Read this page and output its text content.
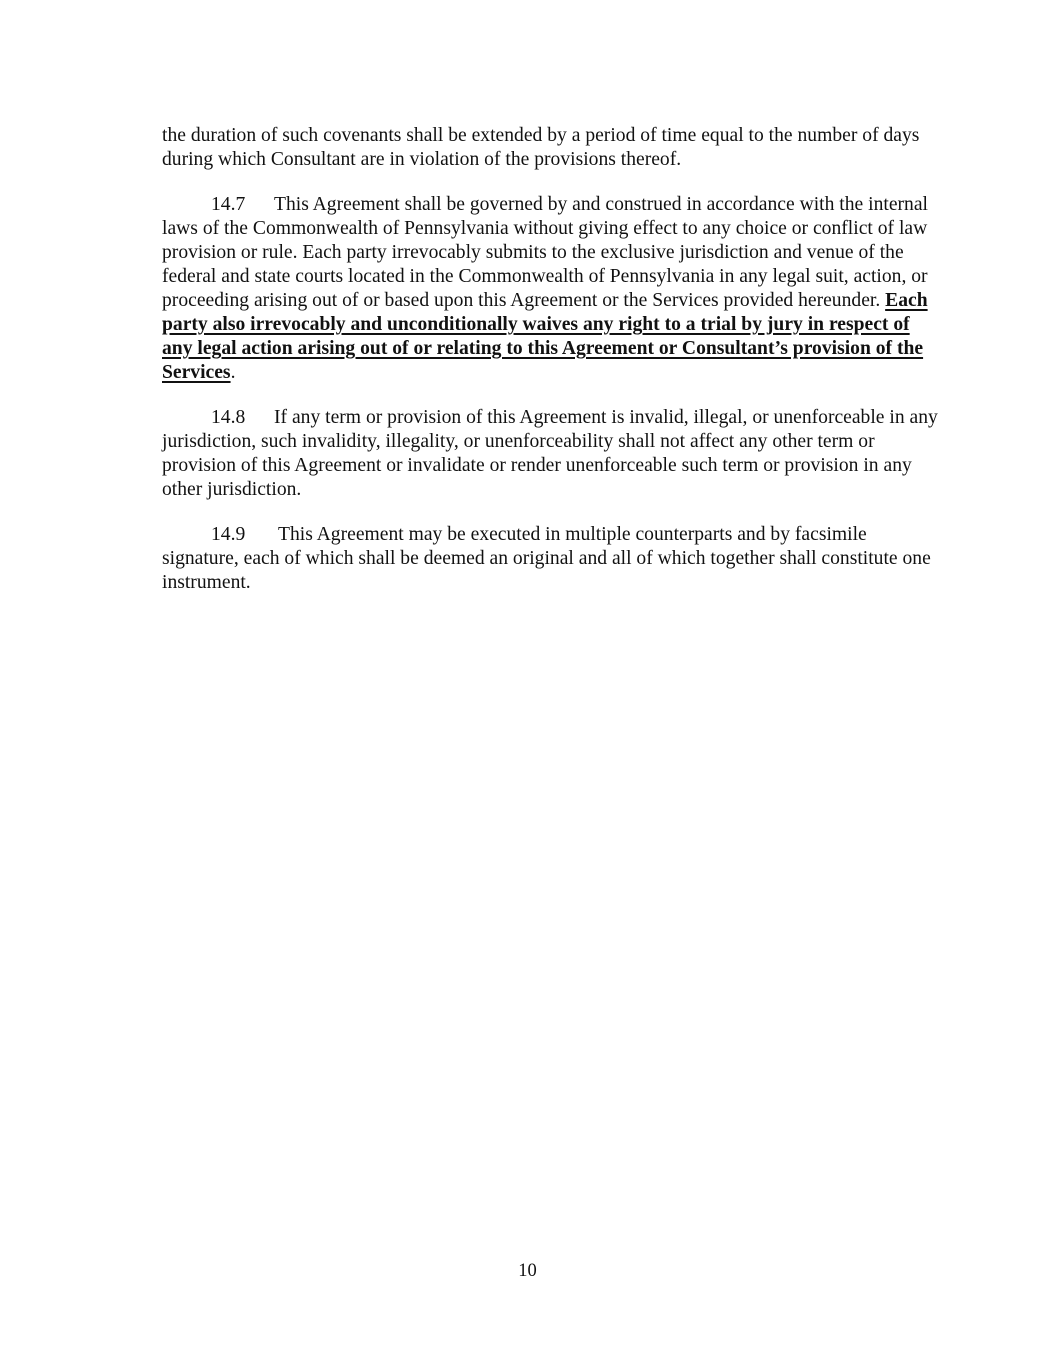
the duration of such covenants shall be extended by a period of time equal to the number of days during which Consultant are in violation of the provisions thereof.

14.7 This Agreement shall be governed by and construed in accordance with the internal laws of the Commonwealth of Pennsylvania without giving effect to any choice or conflict of law provision or rule. Each party irrevocably submits to the exclusive jurisdiction and venue of the federal and state courts located in the Commonwealth of Pennsylvania in any legal suit, action, or proceeding arising out of or based upon this Agreement or the Services provided hereunder. Each party also irrevocably and unconditionally waives any right to a trial by jury in respect of any legal action arising out of or relating to this Agreement or Consultant’s provision of the Services.

14.8 If any term or provision of this Agreement is invalid, illegal, or unenforceable in any jurisdiction, such invalidity, illegality, or unenforceability shall not affect any other term or provision of this Agreement or invalidate or render unenforceable such term or provision in any other jurisdiction.

14.9 This Agreement may be executed in multiple counterparts and by facsimile signature, each of which shall be deemed an original and all of which together shall constitute one instrument.

10
